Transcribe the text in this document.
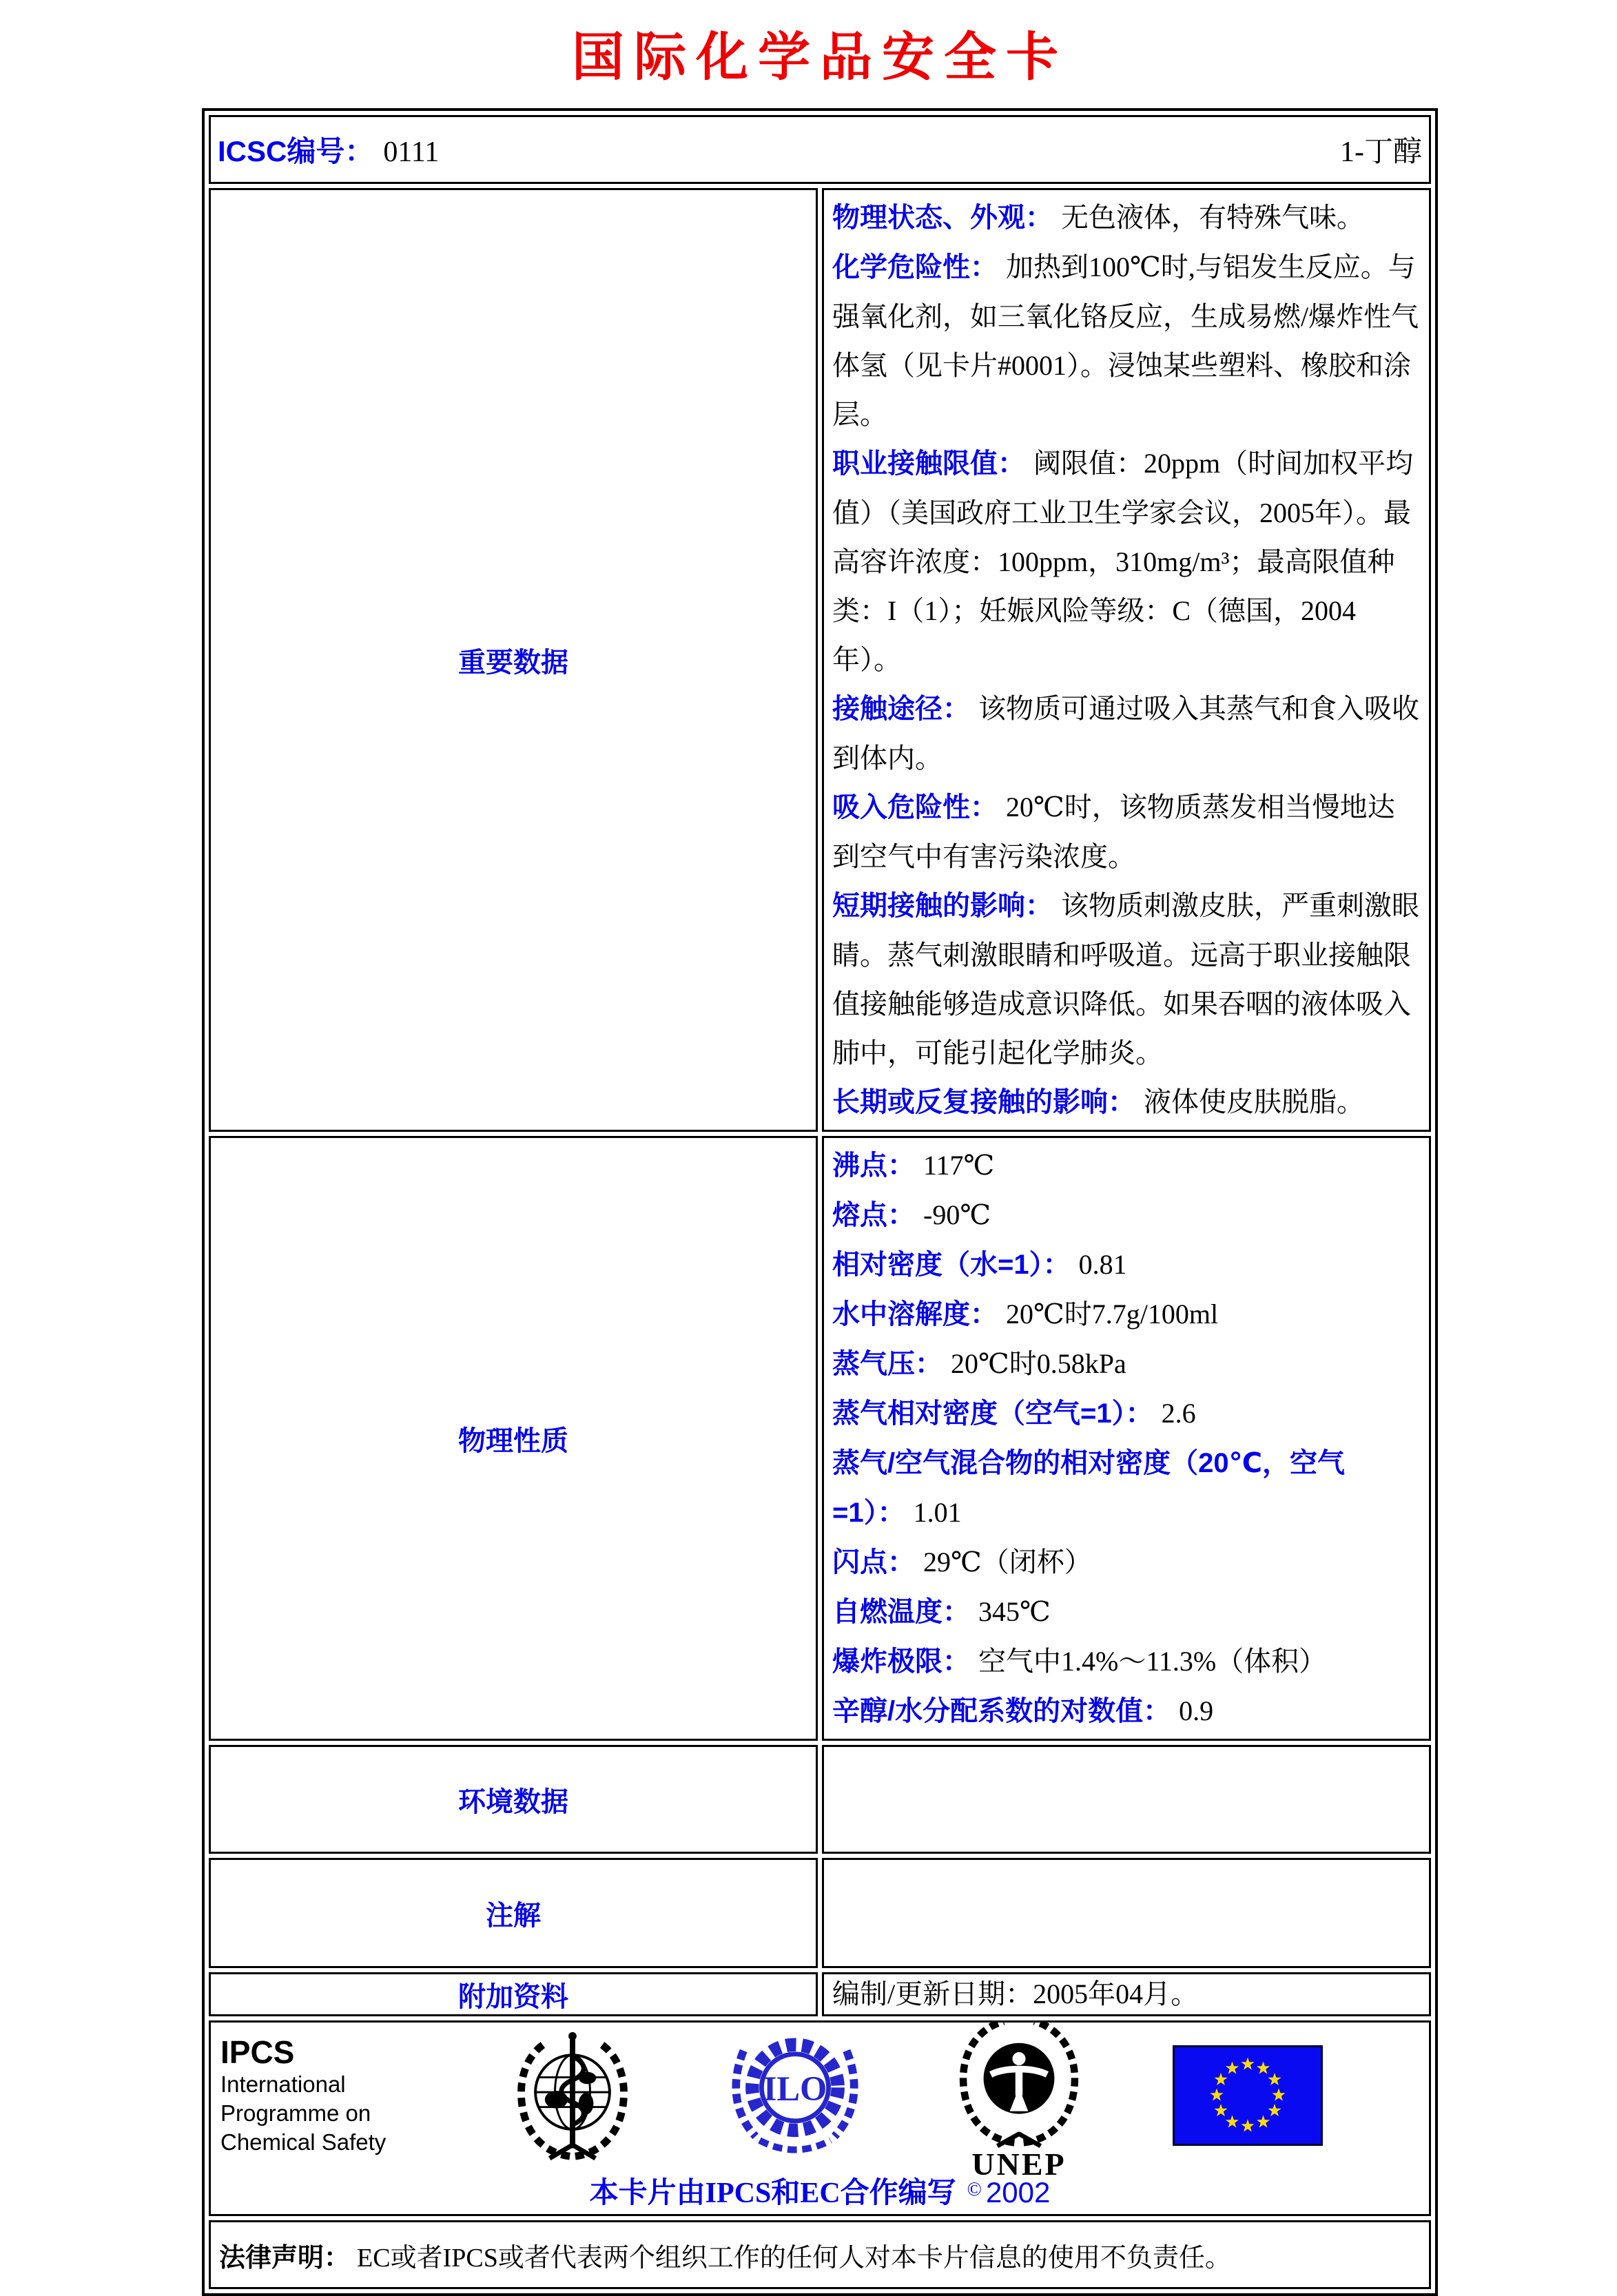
国际化学品安全卡
ICSC编号： 0111 1-丁醇	

重要数据	

物理状态、外观： 无色液体，有特殊气味。

化学危险性： 加热到100℃时,与铝发生反应。与强氧化剂，如三氧化铬反应，生成易燃/爆炸性气体氢（见卡片#0001）。浸蚀某些塑料、橡胶和涂层。

职业接触限值： 阈限值：20ppm（时间加权平均值）（美国政府工业卫生学家会议，2005年）。最高容许浓度：100ppm，310mg/m³；最高限值种类：I（1）；妊娠风险等级：C（德国，2004年）。

接触途径： 该物质可通过吸入其蒸气和食入吸收到体内。

吸入危险性： 20℃时，该物质蒸发相当慢地达到空气中有害污染浓度。

短期接触的影响： 该物质刺激皮肤，严重刺激眼睛。蒸气刺激眼睛和呼吸道。远高于职业接触限值接触能够造成意识降低。如果吞咽的液体吸入肺中，可能引起化学肺炎。

长期或反复接触的影响： 液体使皮肤脱脂。

物理性质	

沸点： 117℃

熔点： -90℃

相对密度（水=1）： 0.81

水中溶解度： 20℃时7.7g/100ml

蒸气压： 20℃时0.58kPa

蒸气相对密度（空气=1）： 2.6

蒸气/空气混合物的相对密度（20℃，空气=1）： 1.01

闪点： 29℃（闭杯）

自燃温度： 345℃

爆炸极限： 空气中1.4%～11.3%（体积）

辛醇/水分配系数的对数值： 0.9

环境数据	
注解	
附加资料	编制/更新日期：2005年04月。

IPCS
International
Programme on
Chemical Safety
ILO
UNEP
本卡片由IPCS和EC合作编写 © 2002

法律声明： EC或者IPCS或者代表两个组织工作的任何人对本卡片信息的使用不负责任。	
